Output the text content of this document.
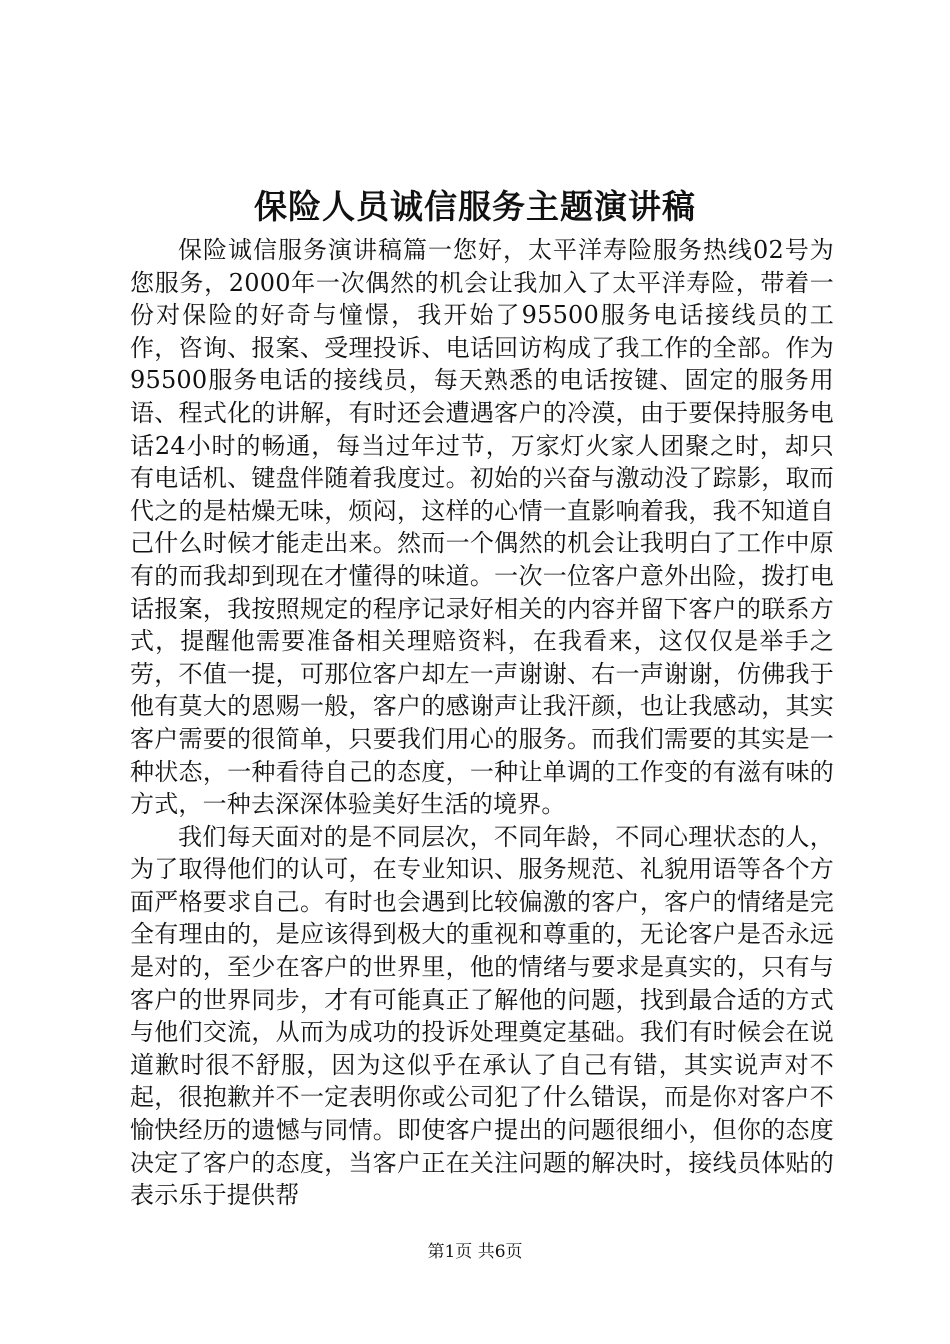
保险人员诚信服务主题演讲稿

保险诚信服务演讲稿篇一您好，太平洋寿险服务热线02号为您服务，2000年一次偶然的机会让我加入了太平洋寿险，带着一份对保险的好奇与憧憬，我开始了95500服务电话接线员的工作，咨询、报案、受理投诉、电话回访构成了我工作的全部。作为95500服务电话的接线员，每天熟悉的电话按键、固定的服务用语、程式化的讲解，有时还会遭遇客户的冷漠，由于要保持服务电话24小时的畅通，每当过年过节，万家灯火家人团聚之时，却只有电话机、键盘伴随着我度过。初始的兴奋与激动没了踪影，取而代之的是枯燥无味，烦闷，这样的心情一直影响着我，我不知道自己什么时候才能走出来。然而一个偶然的机会让我明白了工作中原有的而我却到现在才懂得的味道。一次一位客户意外出险，拨打电话报案，我按照规定的程序记录好相关的内容并留下客户的联系方式，提醒他需要准备相关理赔资料，在我看来，这仅仅是举手之劳，不值一提，可那位客户却左一声谢谢、右一声谢谢，仿佛我于他有莫大的恩赐一般，客户的感谢声让我汗颜，也让我感动，其实客户需要的很简单，只要我们用心的服务。而我们需要的其实是一种状态，一种看待自己的态度，一种让单调的工作变的有滋有味的方式，一种去深深体验美好生活的境界。

我们每天面对的是不同层次，不同年龄，不同心理状态的人，为了取得他们的认可，在专业知识、服务规范、礼貌用语等各个方面严格要求自己。有时也会遇到比较偏激的客户，客户的情绪是完全有理由的，是应该得到极大的重视和尊重的，无论客户是否永远是对的，至少在客户的世界里，他的情绪与要求是真实的，只有与客户的世界同步，才有可能真正了解他的问题，找到最合适的方式与他们交流，从而为成功的投诉处理奠定基础。我们有时候会在说道歉时很不舒服，因为这似乎在承认了自己有错，其实说声对不起，很抱歉并不一定表明你或公司犯了什么错误，而是你对客户不愉快经历的遗憾与同情。即使客户提出的问题很细小，但你的态度决定了客户的态度，当客户正在关注问题的解决时，接线员体贴的表示乐于提供帮

第1页 共6页
